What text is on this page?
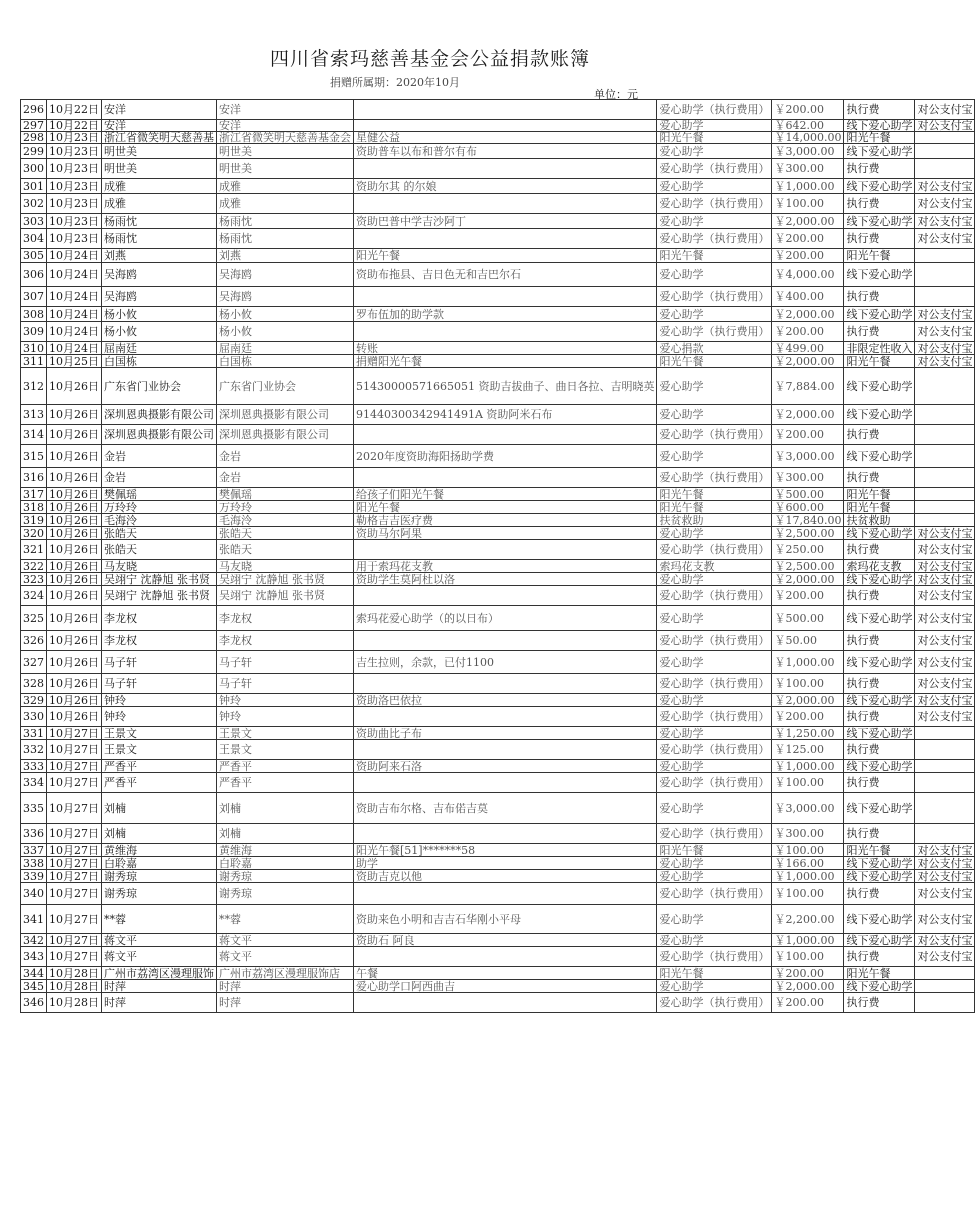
四川省索玛慈善基金会公益捐款账簿
捐赠所属期：2020年10月
单位：元
296	10月22日	安洋	安洋		爱心助学（执行费用）	￥200.00	执行费	对公支付宝
297	10月22日	安洋	安洋		爱心助学	￥642.00	线下爱心助学	对公支付宝
298	10月23日	浙江省微笑明天慈善基	浙江省微笑明天慈善基金会	星健公益	阳光午餐	￥14,000.00	阳光午餐	
299	10月23日	明世美	明世美	资助普车以布和普尔有布	爱心助学	￥3,000.00	线下爱心助学	
300	10月23日	明世美	明世美		爱心助学（执行费用）	￥300.00	执行费	
301	10月23日	成雅	成雅	资助尔其 的尔娘	爱心助学	￥1,000.00	线下爱心助学	对公支付宝
302	10月23日	成雅	成雅		爱心助学（执行费用）	￥100.00	执行费	对公支付宝
303	10月23日	杨雨忱	杨雨忱	资助巴普中学吉沙阿丁	爱心助学	￥2,000.00	线下爱心助学	对公支付宝
304	10月23日	杨雨忱	杨雨忱		爱心助学（执行费用）	￥200.00	执行费	对公支付宝
305	10月24日	刘燕	刘燕	阳光午餐	阳光午餐	￥200.00	阳光午餐	
306	10月24日	吴海鸥	吴海鸥	资助布拖县、吉日色无和吉巴尔石	爱心助学	￥4,000.00	线下爱心助学	
307	10月24日	吴海鸥	吴海鸥		爱心助学（执行费用）	￥400.00	执行费	
308	10月24日	杨小攸	杨小攸	罗布伍加的助学款	爱心助学	￥2,000.00	线下爱心助学	对公支付宝
309	10月24日	杨小攸	杨小攸		爱心助学（执行费用）	￥200.00	执行费	对公支付宝
310	10月24日	屈南廷	屈南廷	转账	爱心捐款	￥499.00	非限定性收入	对公支付宝
311	10月25日	白国栋	白国栋	捐赠阳光午餐	阳光午餐	￥2,000.00	阳光午餐	对公支付宝
312	10月26日	广东省门业协会	广东省门业协会	51430000571665051 资助吉拔曲子、曲日各拉、吉明晓英	爱心助学	￥7,884.00	线下爱心助学	
313	10月26日	深圳恩典摄影有限公司	深圳恩典摄影有限公司	91440300342941491A 资助阿米石布	爱心助学	￥2,000.00	线下爱心助学	
314	10月26日	深圳恩典摄影有限公司	深圳恩典摄影有限公司		爱心助学（执行费用）	￥200.00	执行费	
315	10月26日	金岩	金岩	2020年度资助海阳扬助学费	爱心助学	￥3,000.00	线下爱心助学	
316	10月26日	金岩	金岩		爱心助学（执行费用）	￥300.00	执行费	
317	10月26日	樊佩瑶	樊佩瑶	给孩子们阳光午餐	阳光午餐	￥500.00	阳光午餐	
318	10月26日	万玲玲	万玲玲	阳光午餐	阳光午餐	￥600.00	阳光午餐	
319	10月26日	毛海泠	毛海泠	勒格吉吉医疗费	扶贫救助	￥17,840.00	扶贫救助	
320	10月26日	张皓天	张皓天	资助马尔阿果	爱心助学	￥2,500.00	线下爱心助学	对公支付宝
321	10月26日	张皓天	张皓天		爱心助学（执行费用）	￥250.00	执行费	对公支付宝
322	10月26日	马友晓	马友晓	用于索玛花支教	索玛花支教	￥2,500.00	索玛花支教	对公支付宝
323	10月26日	吴翊宁 沈静旭 张书贤	吴翊宁 沈静旭 张书贤	资助学生莫阿杜以洛	爱心助学	￥2,000.00	线下爱心助学	对公支付宝
324	10月26日	吴翊宁 沈静旭 张书贤	吴翊宁 沈静旭 张书贤		爱心助学（执行费用）	￥200.00	执行费	对公支付宝
325	10月26日	李龙权	李龙权	索玛花爱心助学（的以日布）	爱心助学	￥500.00	线下爱心助学	对公支付宝
326	10月26日	李龙权	李龙权		爱心助学（执行费用）	￥50.00	执行费	对公支付宝
327	10月26日	马子轩	马子轩	吉生拉则，余款，已付1100	爱心助学	￥1,000.00	线下爱心助学	对公支付宝
328	10月26日	马子轩	马子轩		爱心助学（执行费用）	￥100.00	执行费	对公支付宝
329	10月26日	钟玲	钟玲	资助洛巴依拉	爱心助学	￥2,000.00	线下爱心助学	对公支付宝
330	10月26日	钟玲	钟玲		爱心助学（执行费用）	￥200.00	执行费	对公支付宝
331	10月27日	王景文	王景文	资助曲比子布	爱心助学	￥1,250.00	线下爱心助学	
332	10月27日	王景文	王景文		爱心助学（执行费用）	￥125.00	执行费	
333	10月27日	严香平	严香平	资助阿来石洛	爱心助学	￥1,000.00	线下爱心助学	
334	10月27日	严香平	严香平		爱心助学（执行费用）	￥100.00	执行费	
335	10月27日	刘楠	刘楠	资助吉布尔格、吉布偌吉莫	爱心助学	￥3,000.00	线下爱心助学	
336	10月27日	刘楠	刘楠		爱心助学（执行费用）	￥300.00	执行费	
337	10月27日	黄维海	黄维海	阳光午餐[51]*******58	阳光午餐	￥100.00	阳光午餐	对公支付宝
338	10月27日	白聆嘉	白聆嘉	助学	爱心助学	￥166.00	线下爱心助学	对公支付宝
339	10月27日	谢秀琼	谢秀琼	资助吉克以他	爱心助学	￥1,000.00	线下爱心助学	对公支付宝
340	10月27日	谢秀琼	谢秀琼		爱心助学（执行费用）	￥100.00	执行费	对公支付宝
341	10月27日	**蓉	**蓉	资助来色小明和吉吉石华刚小平母	爱心助学	￥2,200.00	线下爱心助学	对公支付宝
342	10月27日	蒋文平	蒋文平	资助石 阿良	爱心助学	￥1,000.00	线下爱心助学	对公支付宝
343	10月27日	蒋文平	蒋文平		爱心助学（执行费用）	￥100.00	执行费	对公支付宝
344	10月28日	广州市荔湾区漫理服饰	广州市荔湾区漫理服饰店	午餐	阳光午餐	￥200.00	阳光午餐	
345	10月28日	时萍	时萍	爱心助学口阿西曲吉	爱心助学	￥2,000.00	线下爱心助学	
346	10月28日	时萍	时萍		爱心助学（执行费用）	￥200.00	执行费	
